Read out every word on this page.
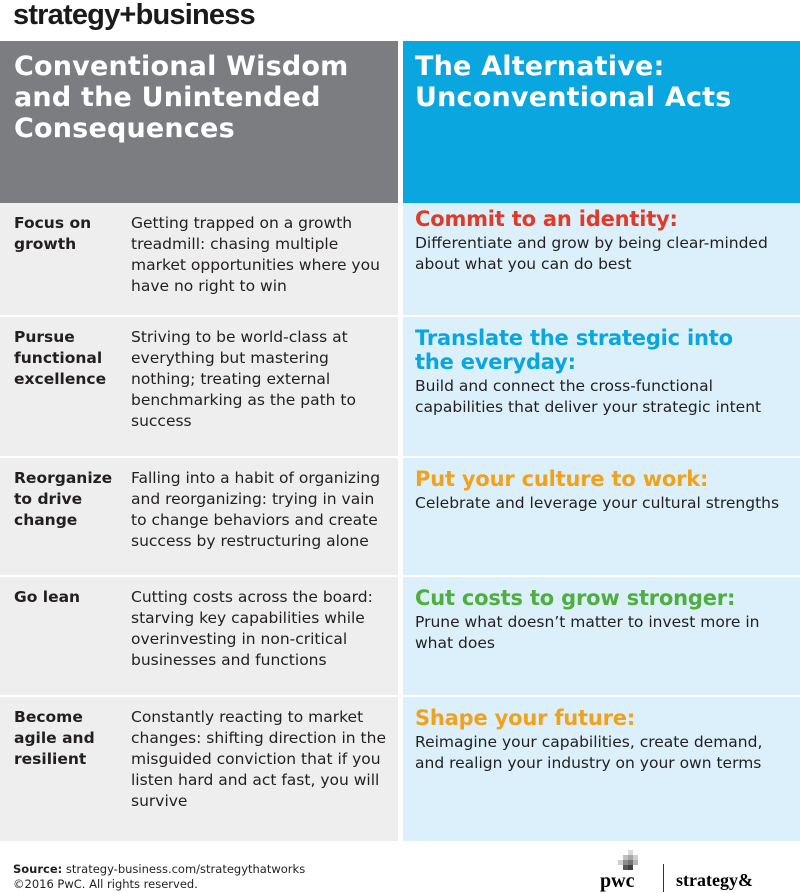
strategy+business
Conventional Wisdom and the Unintended Consequences
The Alternative: Unconventional Acts
Focus on growth
Getting trapped on a growth treadmill: chasing multiple market opportunities where you have no right to win
Commit to an identity:
Differentiate and grow by being clear-minded about what you can do best
Pursue functional excellence
Striving to be world-class at everything but mastering nothing; treating external benchmarking as the path to success
Translate the strategic into the everyday:
Build and connect the cross-functional capabilities that deliver your strategic intent
Reorganize to drive change
Falling into a habit of organizing and reorganizing: trying in vain to change behaviors and create success by restructuring alone
Put your culture to work:
Celebrate and leverage your cultural strengths
Go lean	Cutting costs across the board: starving key capabilities while overinvesting in non-critical businesses and functions
Cut costs to grow stronger:
Prune what doesn’t matter to invest more in what does
Become agile and resilient
Constantly reacting to market changes: shifting direction in the misguided conviction that if you listen hard and act fast, you will survive
Shape your future:
Reimagine your capabilities, create demand, and realign your industry on your own terms
Source: strategy-business.com/strategythatworks
©2016 PwC. All rights reserved.	pwc strategy&
